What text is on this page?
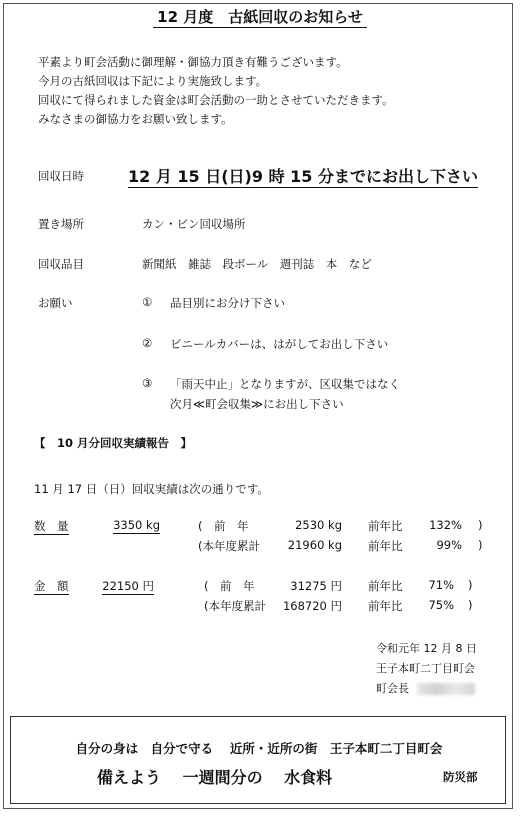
12 月度　古紙回収のお知らせ
平素より町会活動に御理解・御協力頂き有難うございます。
今月の古紙回収は下記により実施致します。
回収にて得られました資金は町会活動の一助とさせていただきます。
みなさまの御協力をお願い致します。
回収日時	12 月 15 日(日)9 時 15 分までにお出し下さい
置き場所	カン・ビン回収場所
回収品目	新聞紙　雑誌　段ボール　週刊誌　本　など
お願い	① 品目別にお分け下さい
② ビニールカバーは、はがしてお出し下さい
③ 「雨天中止」となりますが、区収集ではなく
次月≪町会収集≫にお出し下さい
【　10 月分回収実績報告　】
11 月 17 日（日）回収実績は次の通りです。
数　量	3350 kg	(　前　年	2530 kg 前年比	132% )
(本年度累計	21960 kg 前年比	99% )
金　額	22150 円	(　前　年	31275 円 前年比	71% )
(本年度累計	168720 円 前年比	75% )
令和元年 12 月 8 日
王子本町二丁目町会
町会長
自分の身は　自分で守る　 近所・近所の街　王子本町二丁目町会
備えよう　 一週間分の　 水食料	防災部
